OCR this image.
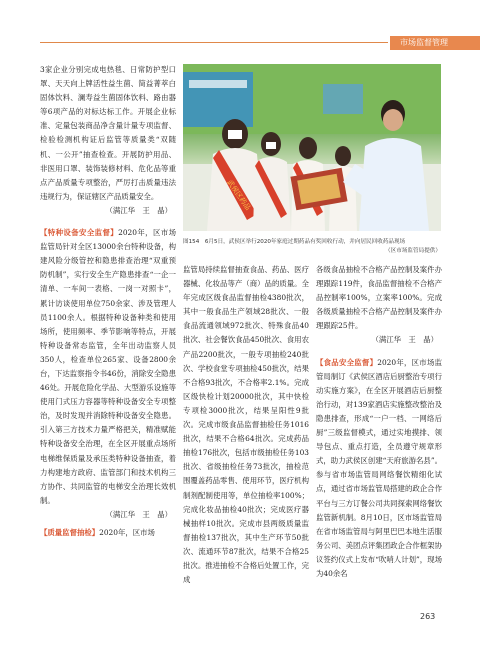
市场监督管理

3家企业分别完成电热毯、日常防护型口罩、天天向上牌活性益生菌、简益菁萃白固体饮料、澜寿益生菌固体饮料、路由器等6项产品的对标达标工作。开展企业标准、定量包装商品净含量计量专项监督、检验检测机构证后监管等质量类“双随机、一公开”抽查检查。开展防护用品、非医用口罩、装饰装修材料、危化品等重点产品质量专项整治，严厉打击质量违法违规行为，保证辖区产品质量安全。

（满江华　王　晶）

【特种设备安全监督】2020年，区市场监管局针对全区13000余台特种设备，构建风险分级管控和隐患排查治理“双重预防机制”，实行安全生产隐患排查“一企一清单、一车间一表格、一岗一对照卡”，累计访谈使用单位750余家、涉及管理人员1100余人。根据特种设备种类和使用场所，使用频率、季节影响等特点，开展特种设备常态监管，全年出动监察人员350人，检查单位265家、设备2800余台，下达监察指令书46份，消除安全隐患46处。开展危险化学品、大型游乐设施等使用门式压力容器等特种设备安全专项整治，及时发现并消除特种设备安全隐患。引入第三方技术力量严格把关，精准赋能特种设备安全治理，在全区开展重点场所电梯维保质量及承压类特种设备抽查，着力构建地方政府、监管部门和技术机构三方协作、共同监管的电梯安全治理长效机制。

（满江华　王　晶）

【质量监督抽检】2020年，区市场

武侯区药品
图154　6月5日，武侯区举行2020年家庭过期药品有奖回收行动，并向居民回收药品现场
（区市场监管局提供）

监管局持续监督抽查食品、药品、医疗器械、化妆品等产（商）品的质量。全年完成区级食品监督抽检4380批次，其中一般食品生产领域28批次、一般食品流通领域972批次、特殊食品40批次、社会餐饮食品450批次、食用农产品2200批次，一般专项抽检240批次、学校食堂专项抽检450批次，结果不合格93批次，不合格率2.1%。完成区级快检计划20000批次，其中快检专项检3000批次，结果呈阳性9批次。完成市级食品监督抽检任务1016批次，结果不合格64批次。完成药品抽检176批次，包括市级抽检任务103批次、省级抽检任务73批次，抽检范围覆盖药品零售、使用环节，医疗机构制剂配制使用等，单位抽检率100%；完成化妆品抽检40批次；完成医疗器械抽样10批次。完成市县两级质量监督抽检137批次，其中生产环节50批次、流通环节87批次，结果不合格25批次。推进抽检不合格后处置工作，完成

各级食品抽检不合格产品控制及案件办理跟踪119件，食品监督抽检不合格产品控制率100%，立案率100%。完成各级质量抽检不合格产品控制及案件办理跟踪25件。

（满江华　王　晶）

【食品安全监督】2020年，区市场监管局制订《武侯区酒店后厨整治专项行动实施方案》，在全区开展酒店后厨整治行动，对139家酒店实施整改整治及隐患排查，形成“一户一档、一网络后厨”三级监督模式，通过实地摸排、领导包点、重点打造，全员遵守规章形式，助力武侯区创建“天府旅游名县”。参与省市场监管局网络餐饮精细化试点，通过省市场监管局搭建的政企合作平台与三方订餐公司共同探索网络餐饮监管新机制。8月10日，区市场监管局在省市场监管局与阿里巴巴本地生活服务公司、美团点评集团政企合作框架协议签约仪式上发布“吹哨人计划”，现场为40余名

263
